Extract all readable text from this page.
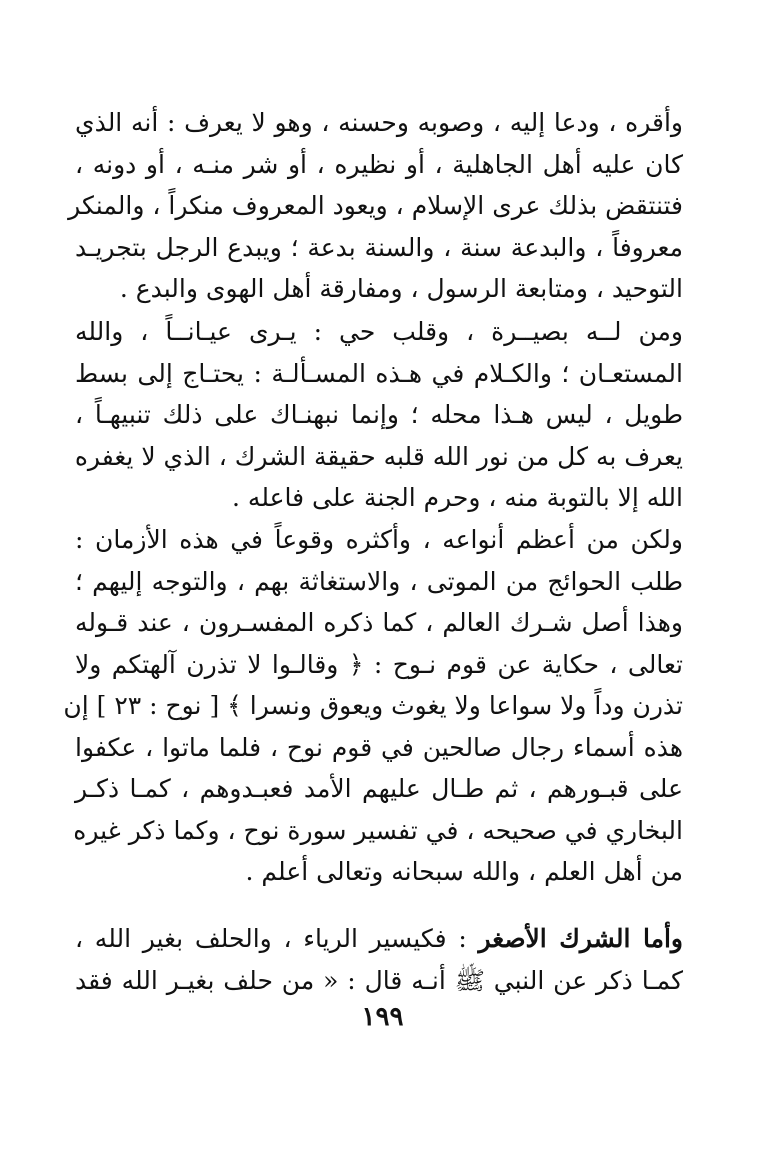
وأقره ، ودعا إليه ، وصوبه وحسنه ، وهو لا يعرف : أنه الذي
كان عليه أهل الجاهلية ، أو نظيره ، أو شر منـه ، أو دونه ،
فتنتقض بذلك عرى الإسلام ، ويعود المعروف منكراً ، والمنكر
معروفاً ، والبدعة سنة ، والسنة بدعة ؛ ويبدع الرجل بتجريـد
التوحيد ، ومتابعة الرسول ، ومفارقة أهل الهوى والبدع .

ومن لــه بصيــرة ، وقلب حي : يـرى عيـانــاً ، والله
المستعـان ؛ والكـلام في هـذه المسـألـة : يحتـاج إلى بسط
طويل ، ليس هـذا محله ؛ وإنما نبهنـاك على ذلك تنبيهـاً ،
يعرف به كل من نور الله قلبه حقيقة الشرك ، الذي لا يغفره
الله إلا بالتوبة منه ، وحرم الجنة على فاعله .

ولكن من أعظم أنواعه ، وأكثره وقوعاً في هذه الأزمان :
طلب الحوائج من الموتى ، والاستغاثة بهم ، والتوجه إليهم ؛
وهذا أصل شـرك العالم ، كما ذكره المفسـرون ، عند قـوله
تعالى ، حكاية عن قوم نـوح : ﴿ وقالـوا لا تذرن آلهتكم ولا
تذرن وداً ولا سواعا ولا يغوث ويعوق ونسرا ﴾ [ نوح : ٢٣ ] إن
هذه أسماء رجال صالحين في قوم نوح ، فلما ماتوا ، عكفوا
على قبـورهم ، ثم طـال عليهم الأمد فعبـدوهم ، كمـا ذكـر
البخاري في صحيحه ، في تفسير سورة نوح ، وكما ذكر غيره
من أهل العلم ، والله سبحانه وتعالى أعلم .

وأما الشرك الأصغر : فكيسير الرياء ، والحلف بغير الله ،
كمـا ذكر عن النبي ﷺ أنـه قال : « من حلف بغيـر الله فقد

١٩٩
